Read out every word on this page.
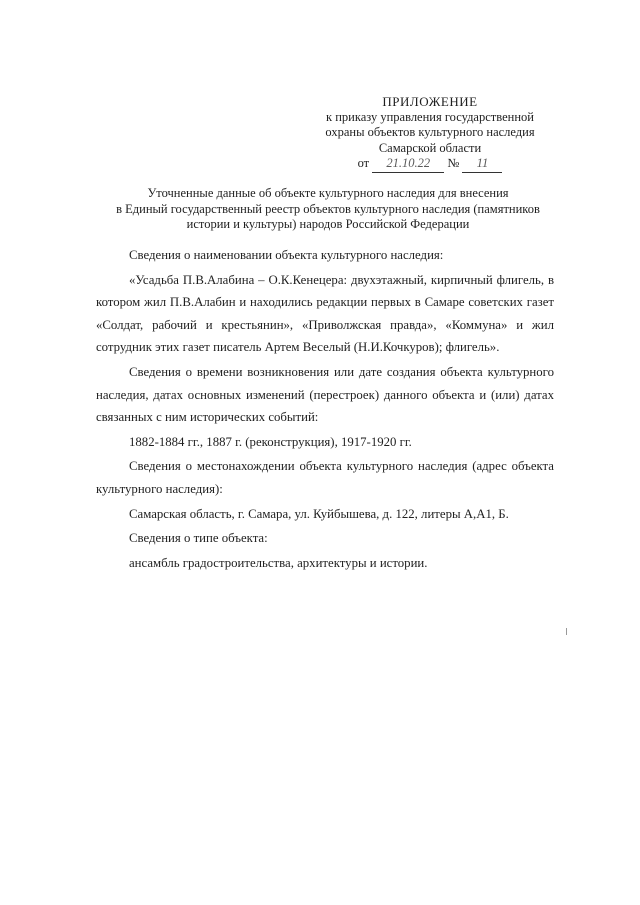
ПРИЛОЖЕНИЕ
к приказу управления государственной
охраны объектов культурного наследия
Самарской области
от 21.10.22 № 11
Уточненные данные об объекте культурного наследия для внесения
в Единый государственный реестр объектов культурного наследия (памятников
истории и культуры) народов Российской Федерации

Сведения о наименовании объекта культурного наследия:

«Усадьба П.В.Алабина – О.К.Кенецера: двухэтажный, кирпичный флигель, в котором жил П.В.Алабин и находились редакции первых в Самаре советских газет «Солдат, рабочий и крестьянин», «Приволжская правда», «Коммуна» и жил сотрудник этих газет писатель Артем Веселый (Н.И.Кочкуров); флигель».

Сведения о времени возникновения или дате создания объекта культурного наследия, датах основных изменений (перестроек) данного объекта и (или) датах связанных с ним исторических событий:

1882-1884 гг., 1887 г. (реконструкция), 1917-1920 гг.

Сведения о местонахождении объекта культурного наследия (адрес объекта культурного наследия):

Самарская область, г. Самара, ул. Куйбышева, д. 122, литеры А,А1, Б.

Сведения о типе объекта:

ансамбль градостроительства, архитектуры и истории.
